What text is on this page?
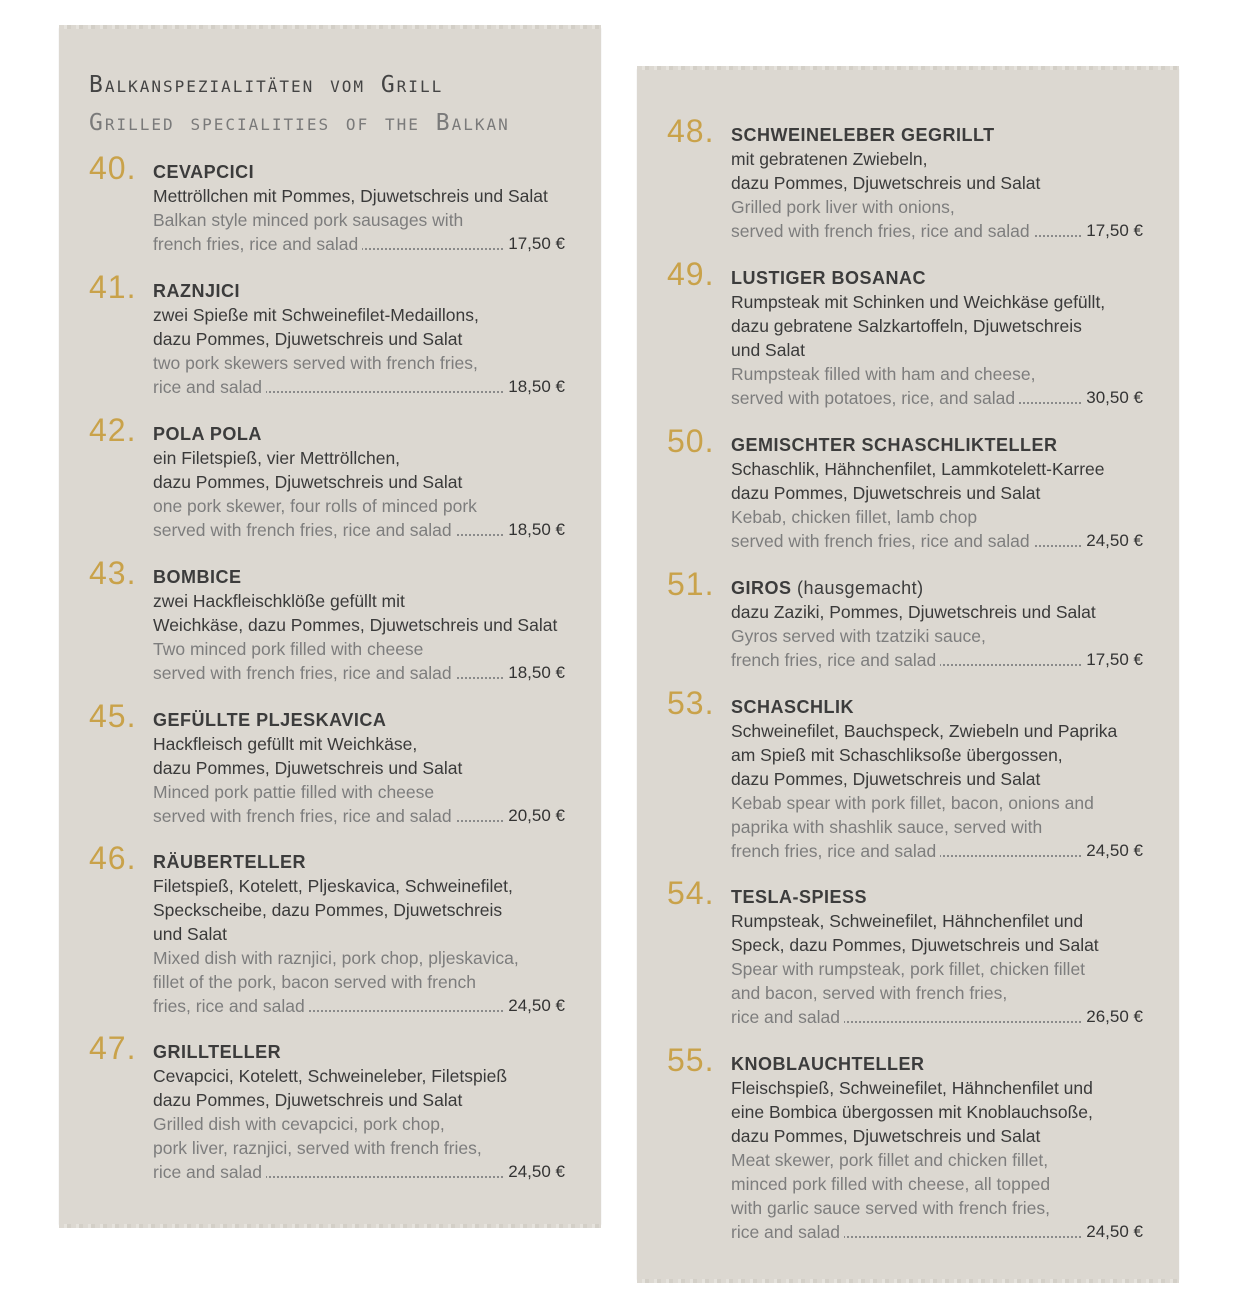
Balkanspezialitäten vom Grill
Grilled specialities of the Balkan
40. CEVAPCICI
Mettröllchen mit Pommes, Djuwetschreis und Salat
Balkan style minced pork sausages with
french fries, rice and salad	17,50 €
41. RAZNJICI
zwei Spieße mit Schweinefilet-Medaillons,
dazu Pommes, Djuwetschreis und Salat
two pork skewers served with french fries,
rice and salad	18,50 €
42. POLA POLA
ein Filetspieß, vier Mettröllchen,
dazu Pommes, Djuwetschreis und Salat
one pork skewer, four rolls of minced pork
served with french fries, rice and salad	18,50 €
43. BOMBICE
zwei Hackfleischklöße gefüllt mit
Weichkäse, dazu Pommes, Djuwetschreis und Salat
Two minced pork filled with cheese
served with french fries, rice and salad	18,50 €
45. GEFÜLLTE PLJESKAVICA
Hackfleisch gefüllt mit Weichkäse,
dazu Pommes, Djuwetschreis und Salat
Minced pork pattie filled with cheese
served with french fries, rice and salad	20,50 €
46. RÄUBERTELLER
Filetspieß, Kotelett, Pljeskavica, Schweinefilet,
Speckscheibe, dazu Pommes, Djuwetschreis
und Salat
Mixed dish with raznjici, pork chop, pljeskavica,
fillet of the pork, bacon served with french
fries, rice and salad	24,50 €
47. GRILLTELLER
Cevapcici, Kotelett, Schweineleber, Filetspieß
dazu Pommes, Djuwetschreis und Salat
Grilled dish with cevapcici, pork chop,
pork liver, raznjici, served with french fries,
rice and salad	24,50 €
48. SCHWEINELEBER GEGRILLT
mit gebratenen Zwiebeln,
dazu Pommes, Djuwetschreis und Salat
Grilled pork liver with onions,
served with french fries, rice and salad	17,50 €
49. LUSTIGER BOSANAC
Rumpsteak mit Schinken und Weichkäse gefüllt,
dazu gebratene Salzkartoffeln, Djuwetschreis
und Salat
Rumpsteak filled with ham and cheese,
served with potatoes, rice, and salad	30,50 €
50. GEMISCHTER SCHASCHLIKTELLER
Schaschlik, Hähnchenfilet, Lammkotelett-Karree
dazu Pommes, Djuwetschreis und Salat
Kebab, chicken fillet, lamb chop
served with french fries, rice and salad	24,50 €
51. GIROS (hausgemacht)
dazu Zaziki, Pommes, Djuwetschreis und Salat
Gyros served with tzatziki sauce,
french fries, rice and salad	17,50 €
53. SCHASCHLIK
Schweinefilet, Bauchspeck, Zwiebeln und Paprika
am Spieß mit Schaschliksoße übergossen,
dazu Pommes, Djuwetschreis und Salat
Kebab spear with pork fillet, bacon, onions and
paprika with shashlik sauce, served with
french fries, rice and salad	24,50 €
54. TESLA-SPIESS
Rumpsteak, Schweinefilet, Hähnchenfilet und
Speck, dazu Pommes, Djuwetschreis und Salat
Spear with rumpsteak, pork fillet, chicken fillet
and bacon, served with french fries,
rice and salad	26,50 €
55. KNOBLAUCHTELLER
Fleischspieß, Schweinefilet, Hähnchenfilet und
eine Bombica übergossen mit Knoblauchsoße,
dazu Pommes, Djuwetschreis und Salat
Meat skewer, pork fillet and chicken fillet,
minced pork filled with cheese, all topped
with garlic sauce served with french fries,
rice and salad	24,50 €
